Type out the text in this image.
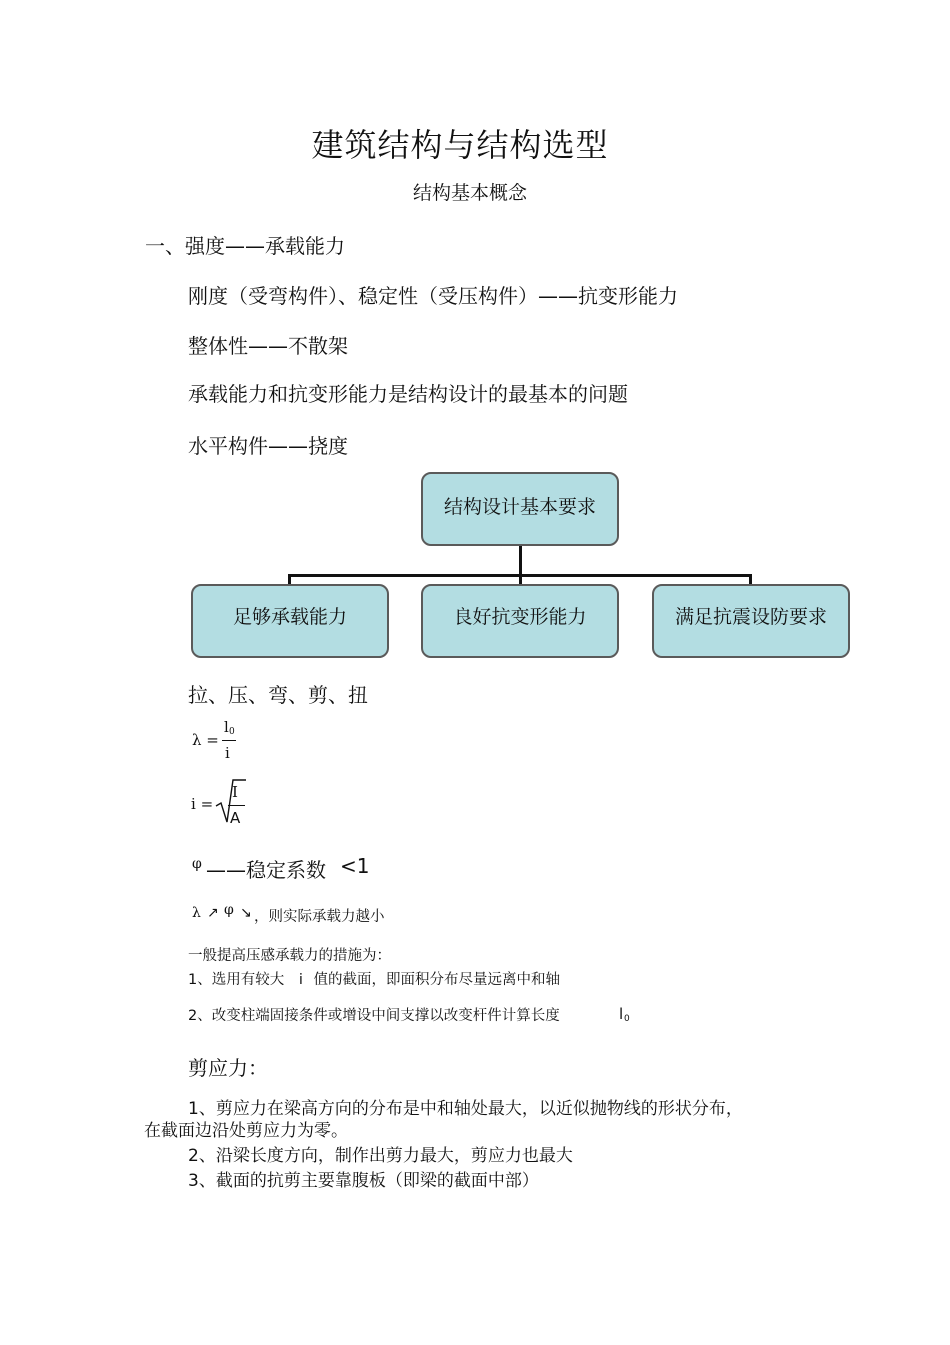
建筑结构与结构选型
结构基本概念
一、强度——承载能力
刚度（受弯构件）、稳定性（受压构件）——抗变形能力
整体性——不散架
承载能力和抗变形能力是结构设计的最基本的问题
水平构件——挠度
结构设计基本要求
足够承载能力	良好抗变形能力	满足抗震设防要求
拉、压、弯、剪、扭
λ =
l 0
i
i =
I
A
φ ——稳定系数 <1
λ ↗ φ ↘ ，则实际承载力越小
一般提高压感承载力的措施为：
1、选用有较大 i 值的截面，即面积分布尽量远离中和轴
2、改变柱端固接条件或增设中间支撑以改变杆件计算长度	l 0
剪应力：
1、剪应力在梁高方向的分布是中和轴处最大，以近似抛物线的形状分布，
在截面边沿处剪应力为零。
2、沿梁长度方向，制作出剪力最大，剪应力也最大
3、截面的抗剪主要靠腹板（即梁的截面中部）
